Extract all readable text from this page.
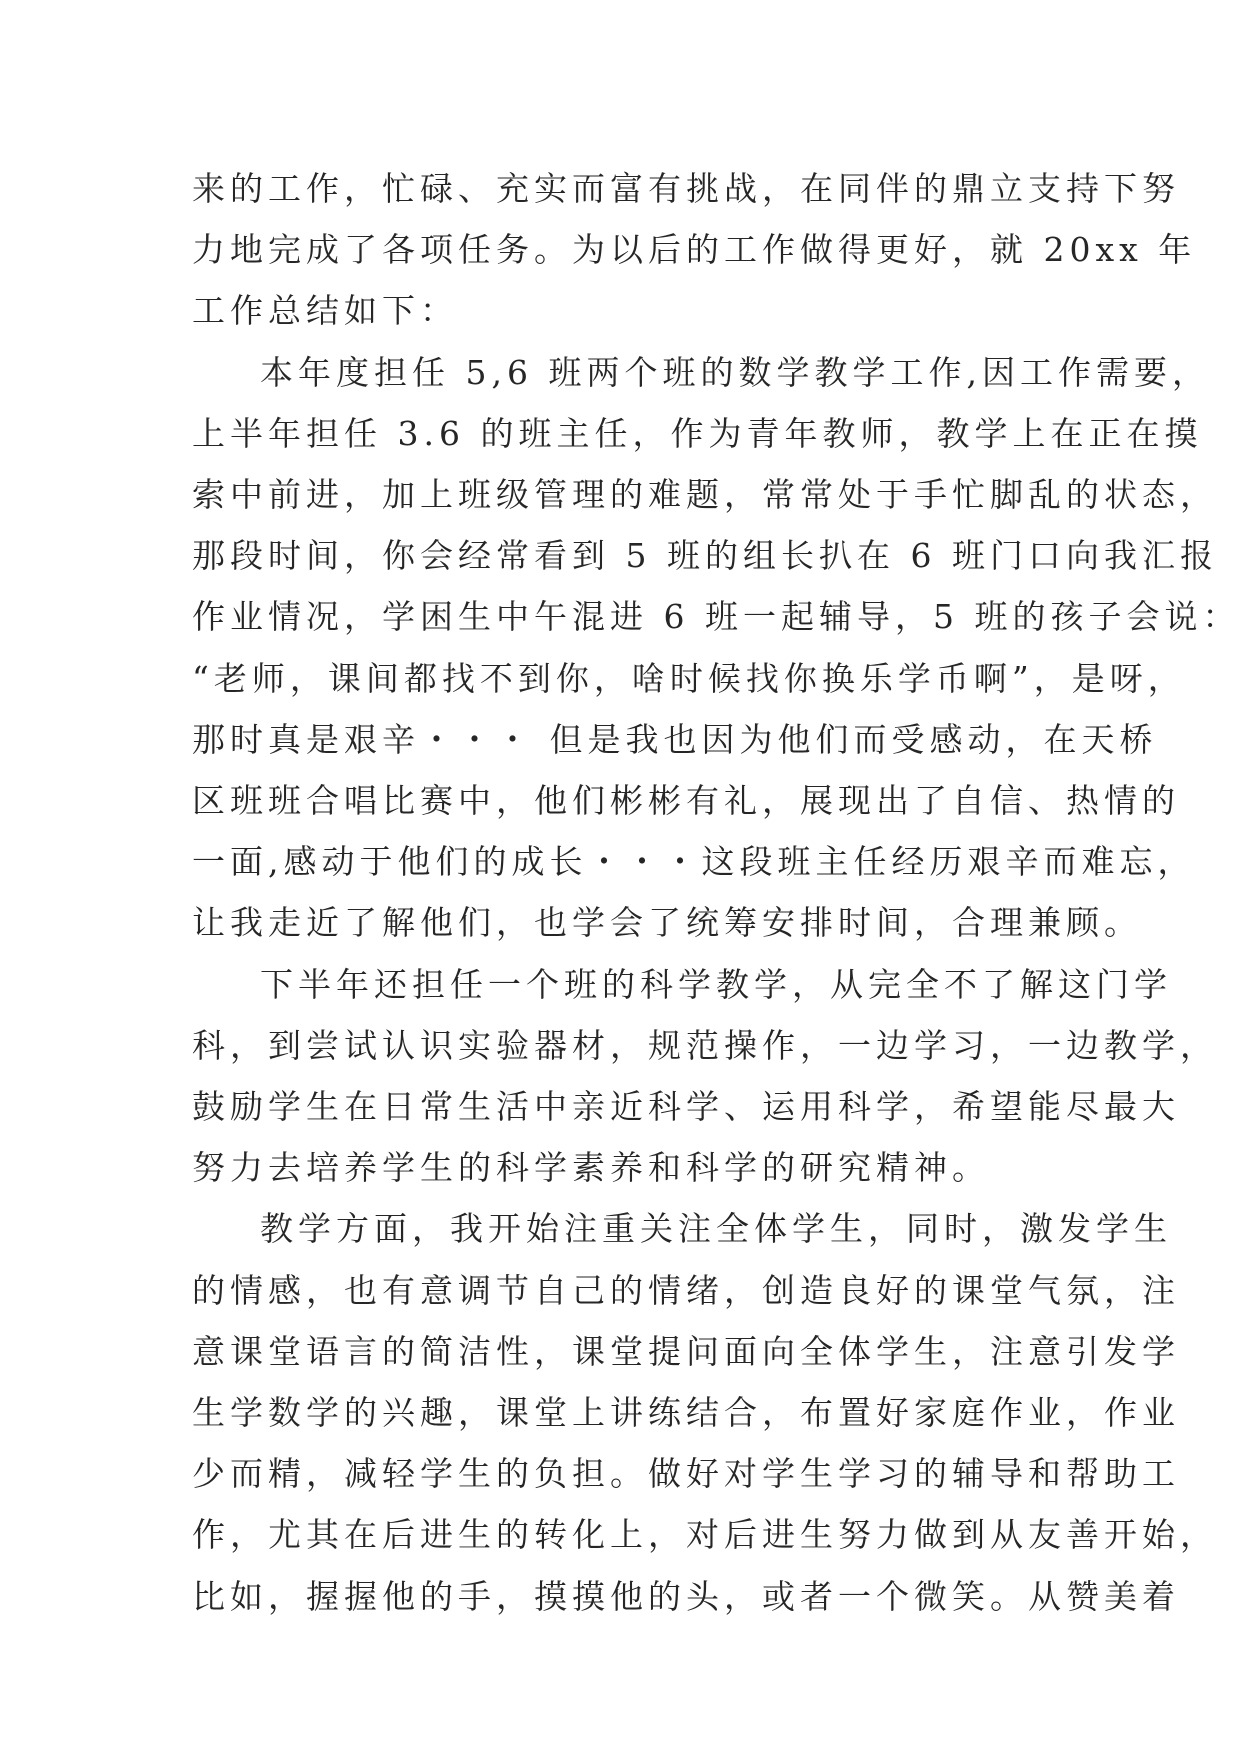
来的工作，忙碌、充实而富有挑战，在同伴的鼎立支持下努
力地完成了各项任务。为以后的工作做得更好，就 20xx 年
工作总结如下：
本年度担任 5,6 班两个班的数学教学工作,因工作需要，
上半年担任 3.6 的班主任，作为青年教师，教学上在正在摸
索中前进，加上班级管理的难题，常常处于手忙脚乱的状态，
那段时间，你会经常看到 5 班的组长扒在 6 班门口向我汇报
作业情况，学困生中午混进 6 班一起辅导，5 班的孩子会说：
“老师，课间都找不到你，啥时候找你换乐学币啊”，是呀，
那时真是艰辛・・・ 但是我也因为他们而受感动，在天桥
区班班合唱比赛中，他们彬彬有礼，展现出了自信、热情的
一面,感动于他们的成长・・・这段班主任经历艰辛而难忘，
让我走近了解他们，也学会了统筹安排时间，合理兼顾。
下半年还担任一个班的科学教学，从完全不了解这门学
科，到尝试认识实验器材，规范操作，一边学习，一边教学，
鼓励学生在日常生活中亲近科学、运用科学，希望能尽最大
努力去培养学生的科学素养和科学的研究精神。
教学方面，我开始注重关注全体学生，同时，激发学生
的情感，也有意调节自己的情绪，创造良好的课堂气氛，注
意课堂语言的简洁性，课堂提问面向全体学生，注意引发学
生学数学的兴趣，课堂上讲练结合，布置好家庭作业，作业
少而精，减轻学生的负担。做好对学生学习的辅导和帮助工
作，尤其在后进生的转化上，对后进生努力做到从友善开始，
比如，握握他的手，摸摸他的头，或者一个微笑。从赞美着
